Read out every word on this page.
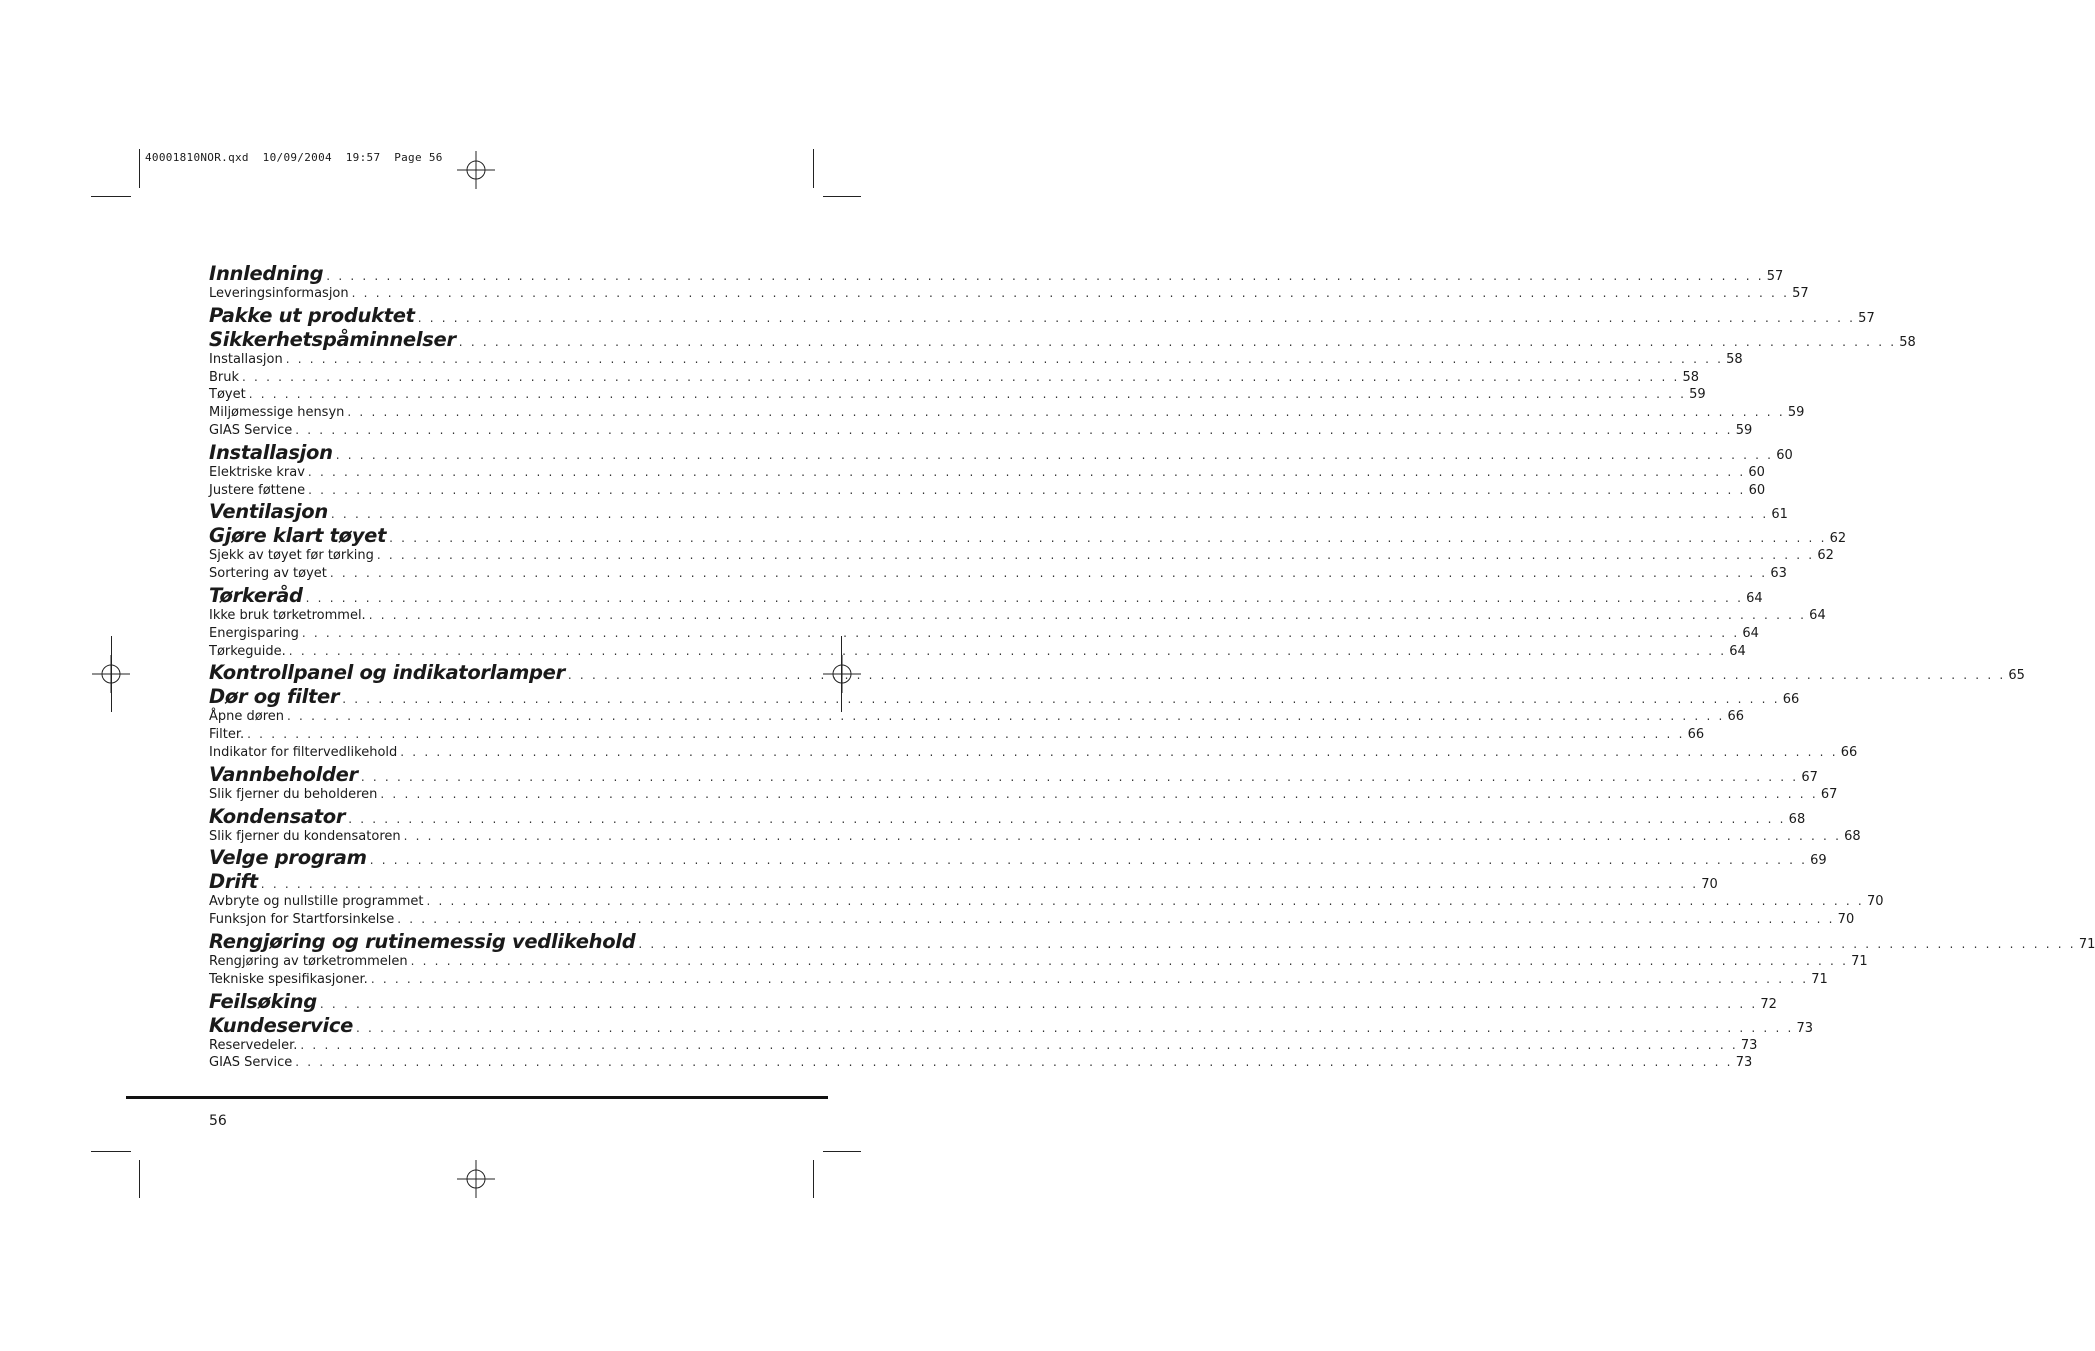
40001810NOR.qxd  10/09/2004  19:57  Page 56
Innledning . . . . . . . . . . . . . . . . . . . . . . . . . . . . . . . . . . . . . . . . . . . . . . . . . . . . . . . . . . . . . . . . . . . . . . . . . . . . . . . . . . . . . . . . . . . . . . . . . . . . . . . . . . . . . . . . . . . . . . . . 57
Leveringsinformasjon . . . . . . . . . . . . . . . . . . . . . . . . . . . . . . . . . . . . . . . . . . . . . . . . . . . . . . . . . . . . . . . . . . . . . . . . . . . . . . . . . . . . . . . . . . . . . . . . . . . . . . . . . . . . . . . . . . . . . . . . 57
Pakke ut produktet . . . . . . . . . . . . . . . . . . . . . . . . . . . . . . . . . . . . . . . . . . . . . . . . . . . . . . . . . . . . . . . . . . . . . . . . . . . . . . . . . . . . . . . . . . . . . . . . . . . . . . . . . . . . . . . . . . . . . . . . 57
Sikkerhetspåminnelser . . . . . . . . . . . . . . . . . . . . . . . . . . . . . . . . . . . . . . . . . . . . . . . . . . . . . . . . . . . . . . . . . . . . . . . . . . . . . . . . . . . . . . . . . . . . . . . . . . . . . . . . . . . . . . . . . . . . . . . . 58
Installasjon . . . . . . . . . . . . . . . . . . . . . . . . . . . . . . . . . . . . . . . . . . . . . . . . . . . . . . . . . . . . . . . . . . . . . . . . . . . . . . . . . . . . . . . . . . . . . . . . . . . . . . . . . . . . . . . . . . . . . . . . 58
Bruk . . . . . . . . . . . . . . . . . . . . . . . . . . . . . . . . . . . . . . . . . . . . . . . . . . . . . . . . . . . . . . . . . . . . . . . . . . . . . . . . . . . . . . . . . . . . . . . . . . . . . . . . . . . . . . . . . . . . . . . . 58
Tøyet . . . . . . . . . . . . . . . . . . . . . . . . . . . . . . . . . . . . . . . . . . . . . . . . . . . . . . . . . . . . . . . . . . . . . . . . . . . . . . . . . . . . . . . . . . . . . . . . . . . . . . . . . . . . . . . . . . . . . . . . 59
Miljømessige hensyn . . . . . . . . . . . . . . . . . . . . . . . . . . . . . . . . . . . . . . . . . . . . . . . . . . . . . . . . . . . . . . . . . . . . . . . . . . . . . . . . . . . . . . . . . . . . . . . . . . . . . . . . . . . . . . . . . . . . . . . . 59
GIAS Service . . . . . . . . . . . . . . . . . . . . . . . . . . . . . . . . . . . . . . . . . . . . . . . . . . . . . . . . . . . . . . . . . . . . . . . . . . . . . . . . . . . . . . . . . . . . . . . . . . . . . . . . . . . . . . . . . . . . . . . . 59
Installasjon . . . . . . . . . . . . . . . . . . . . . . . . . . . . . . . . . . . . . . . . . . . . . . . . . . . . . . . . . . . . . . . . . . . . . . . . . . . . . . . . . . . . . . . . . . . . . . . . . . . . . . . . . . . . . . . . . . . . . . . . 60
Elektriske krav . . . . . . . . . . . . . . . . . . . . . . . . . . . . . . . . . . . . . . . . . . . . . . . . . . . . . . . . . . . . . . . . . . . . . . . . . . . . . . . . . . . . . . . . . . . . . . . . . . . . . . . . . . . . . . . . . . . . . . . . 60
Justere føttene . . . . . . . . . . . . . . . . . . . . . . . . . . . . . . . . . . . . . . . . . . . . . . . . . . . . . . . . . . . . . . . . . . . . . . . . . . . . . . . . . . . . . . . . . . . . . . . . . . . . . . . . . . . . . . . . . . . . . . . . 60
Ventilasjon . . . . . . . . . . . . . . . . . . . . . . . . . . . . . . . . . . . . . . . . . . . . . . . . . . . . . . . . . . . . . . . . . . . . . . . . . . . . . . . . . . . . . . . . . . . . . . . . . . . . . . . . . . . . . . . . . . . . . . . . 61
Gjøre klart tøyet . . . . . . . . . . . . . . . . . . . . . . . . . . . . . . . . . . . . . . . . . . . . . . . . . . . . . . . . . . . . . . . . . . . . . . . . . . . . . . . . . . . . . . . . . . . . . . . . . . . . . . . . . . . . . . . . . . . . . . . . 62
Sjekk av tøyet før tørking . . . . . . . . . . . . . . . . . . . . . . . . . . . . . . . . . . . . . . . . . . . . . . . . . . . . . . . . . . . . . . . . . . . . . . . . . . . . . . . . . . . . . . . . . . . . . . . . . . . . . . . . . . . . . . . . . . . . . . . . 62
Sortering av tøyet . . . . . . . . . . . . . . . . . . . . . . . . . . . . . . . . . . . . . . . . . . . . . . . . . . . . . . . . . . . . . . . . . . . . . . . . . . . . . . . . . . . . . . . . . . . . . . . . . . . . . . . . . . . . . . . . . . . . . . . . 63
Tørkeråd . . . . . . . . . . . . . . . . . . . . . . . . . . . . . . . . . . . . . . . . . . . . . . . . . . . . . . . . . . . . . . . . . . . . . . . . . . . . . . . . . . . . . . . . . . . . . . . . . . . . . . . . . . . . . . . . . . . . . . . . 64
Ikke bruk tørketrommel. . . . . . . . . . . . . . . . . . . . . . . . . . . . . . . . . . . . . . . . . . . . . . . . . . . . . . . . . . . . . . . . . . . . . . . . . . . . . . . . . . . . . . . . . . . . . . . . . . . . . . . . . . . . . . . . . . . . . . . . . 64
Energisparing . . . . . . . . . . . . . . . . . . . . . . . . . . . . . . . . . . . . . . . . . . . . . . . . . . . . . . . . . . . . . . . . . . . . . . . . . . . . . . . . . . . . . . . . . . . . . . . . . . . . . . . . . . . . . . . . . . . . . . . . 64
Tørkeguide. . . . . . . . . . . . . . . . . . . . . . . . . . . . . . . . . . . . . . . . . . . . . . . . . . . . . . . . . . . . . . . . . . . . . . . . . . . . . . . . . . . . . . . . . . . . . . . . . . . . . . . . . . . . . . . . . . . . . . . . . 64
Kontrollpanel og indikatorlamper . . . . . . . . . . . . . . . . . . . . . . . . . . . . . . . . . . . . . . . . . . . . . . . . . . . . . . . . . . . . . . . . . . . . . . . . . . . . . . . . . . . . . . . . . . . . . . . . . . . . . . . . . . . . . . . . . . . . . . . . 65
Dør og filter . . . . . . . . . . . . . . . . . . . . . . . . . . . . . . . . . . . . . . . . . . . . . . . . . . . . . . . . . . . . . . . . . . . . . . . . . . . . . . . . . . . . . . . . . . . . . . . . . . . . . . . . . . . . . . . . . . . . . . . . 66
Åpne døren . . . . . . . . . . . . . . . . . . . . . . . . . . . . . . . . . . . . . . . . . . . . . . . . . . . . . . . . . . . . . . . . . . . . . . . . . . . . . . . . . . . . . . . . . . . . . . . . . . . . . . . . . . . . . . . . . . . . . . . . 66
Filter. . . . . . . . . . . . . . . . . . . . . . . . . . . . . . . . . . . . . . . . . . . . . . . . . . . . . . . . . . . . . . . . . . . . . . . . . . . . . . . . . . . . . . . . . . . . . . . . . . . . . . . . . . . . . . . . . . . . . . . . . 66
Indikator for filtervedlikehold . . . . . . . . . . . . . . . . . . . . . . . . . . . . . . . . . . . . . . . . . . . . . . . . . . . . . . . . . . . . . . . . . . . . . . . . . . . . . . . . . . . . . . . . . . . . . . . . . . . . . . . . . . . . . . . . . . . . . . . . 66
Vannbeholder . . . . . . . . . . . . . . . . . . . . . . . . . . . . . . . . . . . . . . . . . . . . . . . . . . . . . . . . . . . . . . . . . . . . . . . . . . . . . . . . . . . . . . . . . . . . . . . . . . . . . . . . . . . . . . . . . . . . . . . . 67
Slik fjerner du beholderen . . . . . . . . . . . . . . . . . . . . . . . . . . . . . . . . . . . . . . . . . . . . . . . . . . . . . . . . . . . . . . . . . . . . . . . . . . . . . . . . . . . . . . . . . . . . . . . . . . . . . . . . . . . . . . . . . . . . . . . . 67
Kondensator . . . . . . . . . . . . . . . . . . . . . . . . . . . . . . . . . . . . . . . . . . . . . . . . . . . . . . . . . . . . . . . . . . . . . . . . . . . . . . . . . . . . . . . . . . . . . . . . . . . . . . . . . . . . . . . . . . . . . . . . 68
Slik fjerner du kondensatoren . . . . . . . . . . . . . . . . . . . . . . . . . . . . . . . . . . . . . . . . . . . . . . . . . . . . . . . . . . . . . . . . . . . . . . . . . . . . . . . . . . . . . . . . . . . . . . . . . . . . . . . . . . . . . . . . . . . . . . . . 68
Velge program . . . . . . . . . . . . . . . . . . . . . . . . . . . . . . . . . . . . . . . . . . . . . . . . . . . . . . . . . . . . . . . . . . . . . . . . . . . . . . . . . . . . . . . . . . . . . . . . . . . . . . . . . . . . . . . . . . . . . . . . 69
Drift . . . . . . . . . . . . . . . . . . . . . . . . . . . . . . . . . . . . . . . . . . . . . . . . . . . . . . . . . . . . . . . . . . . . . . . . . . . . . . . . . . . . . . . . . . . . . . . . . . . . . . . . . . . . . . . . . . . . . . . . 70
Avbryte og nullstille programmet . . . . . . . . . . . . . . . . . . . . . . . . . . . . . . . . . . . . . . . . . . . . . . . . . . . . . . . . . . . . . . . . . . . . . . . . . . . . . . . . . . . . . . . . . . . . . . . . . . . . . . . . . . . . . . . . . . . . . . . . 70
Funksjon for Startforsinkelse . . . . . . . . . . . . . . . . . . . . . . . . . . . . . . . . . . . . . . . . . . . . . . . . . . . . . . . . . . . . . . . . . . . . . . . . . . . . . . . . . . . . . . . . . . . . . . . . . . . . . . . . . . . . . . . . . . . . . . . . 70
Rengjøring og rutinemessig vedlikehold . . . . . . . . . . . . . . . . . . . . . . . . . . . . . . . . . . . . . . . . . . . . . . . . . . . . . . . . . . . . . . . . . . . . . . . . . . . . . . . . . . . . . . . . . . . . . . . . . . . . . . . . . . . . . . . . . . . . . . . . 71
Rengjøring av tørketrommelen . . . . . . . . . . . . . . . . . . . . . . . . . . . . . . . . . . . . . . . . . . . . . . . . . . . . . . . . . . . . . . . . . . . . . . . . . . . . . . . . . . . . . . . . . . . . . . . . . . . . . . . . . . . . . . . . . . . . . . . . 71
Tekniske spesifikasjoner. . . . . . . . . . . . . . . . . . . . . . . . . . . . . . . . . . . . . . . . . . . . . . . . . . . . . . . . . . . . . . . . . . . . . . . . . . . . . . . . . . . . . . . . . . . . . . . . . . . . . . . . . . . . . . . . . . . . . . . . . 71
Feilsøking . . . . . . . . . . . . . . . . . . . . . . . . . . . . . . . . . . . . . . . . . . . . . . . . . . . . . . . . . . . . . . . . . . . . . . . . . . . . . . . . . . . . . . . . . . . . . . . . . . . . . . . . . . . . . . . . . . . . . . . . 72
Kundeservice . . . . . . . . . . . . . . . . . . . . . . . . . . . . . . . . . . . . . . . . . . . . . . . . . . . . . . . . . . . . . . . . . . . . . . . . . . . . . . . . . . . . . . . . . . . . . . . . . . . . . . . . . . . . . . . . . . . . . . . . 73
Reservedeler. . . . . . . . . . . . . . . . . . . . . . . . . . . . . . . . . . . . . . . . . . . . . . . . . . . . . . . . . . . . . . . . . . . . . . . . . . . . . . . . . . . . . . . . . . . . . . . . . . . . . . . . . . . . . . . . . . . . . . . . . 73
GIAS Service . . . . . . . . . . . . . . . . . . . . . . . . . . . . . . . . . . . . . . . . . . . . . . . . . . . . . . . . . . . . . . . . . . . . . . . . . . . . . . . . . . . . . . . . . . . . . . . . . . . . . . . . . . . . . . . . . . . . . . . . 73
56
